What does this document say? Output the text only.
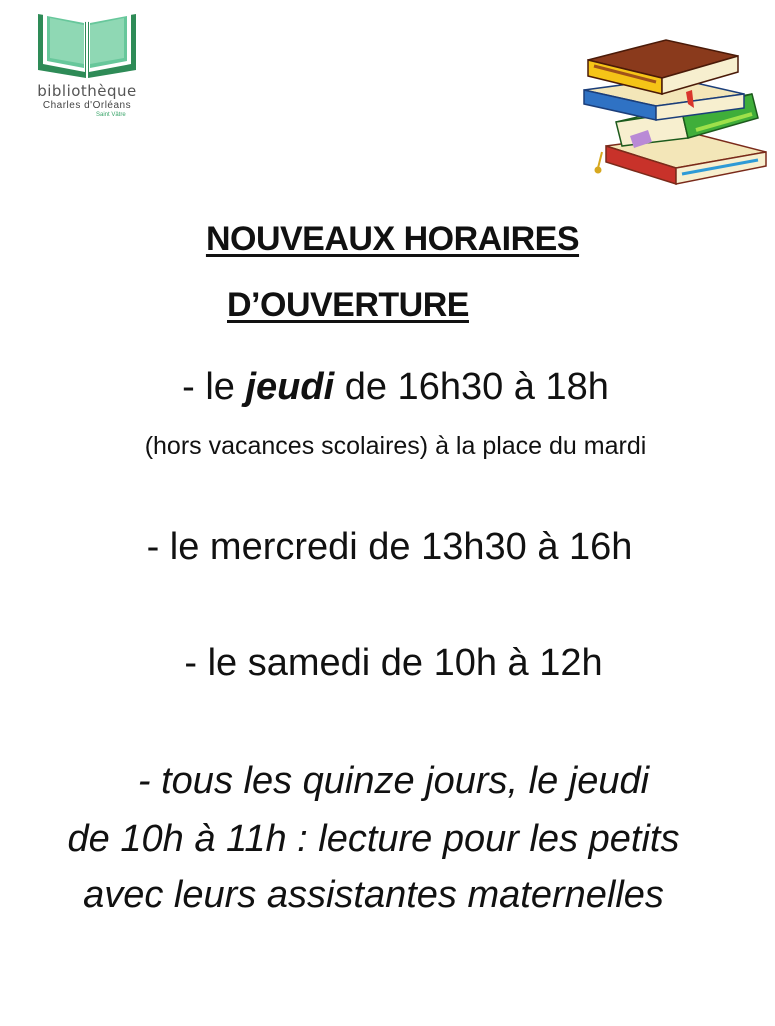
bibliothèque
Charles d'Orléans
Saint Vâtre
NOUVEAUX HORAIRES
D’OUVERTURE
- le jeudi de 16h30 à 18h
(hors vacances scolaires) à la place du mardi
- le mercredi de 13h30 à 16h
- le samedi de 10h à 12h
- tous les quinze jours, le jeudi
de 10h à 11h : lecture pour les petits
avec leurs assistantes maternelles
